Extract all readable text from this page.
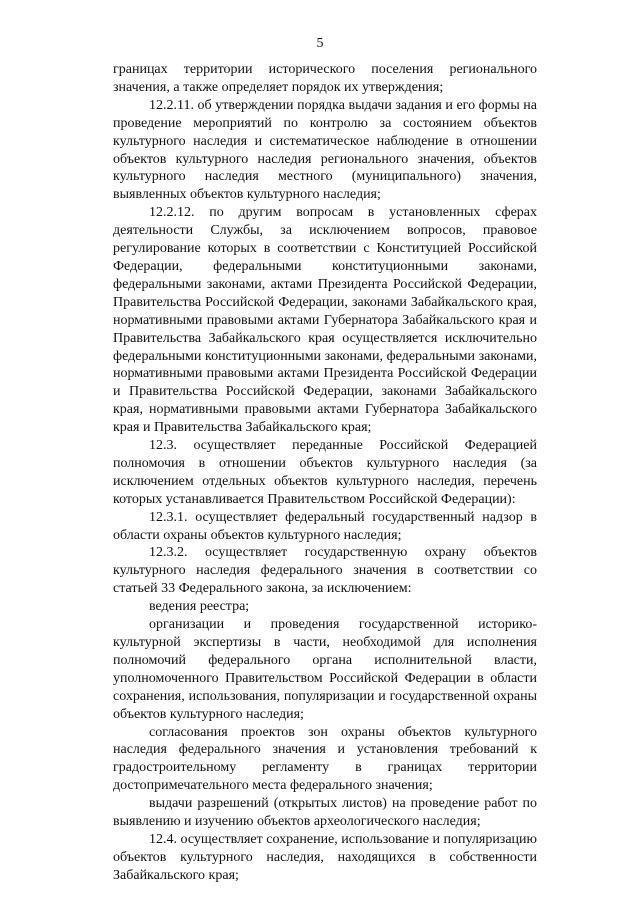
5

границах территории исторического поселения регионального значения, а также определяет порядок их утверждения;

12.2.11. об утверждении порядка выдачи задания и его формы на проведение мероприятий по контролю за состоянием объектов культурного наследия и систематическое наблюдение в отношении объектов культурного наследия регионального значения, объектов культурного наследия местного (муниципального) значения, выявленных объектов культурного наследия;

12.2.12. по другим вопросам в установленных сферах деятельности Службы, за исключением вопросов, правовое регулирование которых в соответствии с Конституцией Российской Федерации, федеральными конституционными законами, федеральными законами, актами Президента Российской Федерации, Правительства Российской Федерации, законами Забайкальского края, нормативными правовыми актами Губернатора Забайкальского края и Правительства Забайкальского края осуществляется исключительно федеральными конституционными законами, федеральными законами, нормативными правовыми актами Президента Российской Федерации и Правительства Российской Федерации, законами Забайкальского края, нормативными правовыми актами Губернатора Забайкальского края и Правительства Забайкальского края;

12.3. осуществляет переданные Российской Федерацией полномочия в отношении объектов культурного наследия (за исключением отдельных объектов культурного наследия, перечень которых устанавливается Правительством Российской Федерации):

12.3.1. осуществляет федеральный государственный надзор в области охраны объектов культурного наследия;

12.3.2. осуществляет государственную охрану объектов культурного наследия федерального значения в соответствии со статьей 33 Федерального закона, за исключением:

ведения реестра;

организации и проведения государственной историко-культурной экспертизы в части, необходимой для исполнения полномочий федерального органа исполнительной власти, уполномоченного Правительством Российской Федерации в области сохранения, использования, популяризации и государственной охраны объектов культурного наследия;

согласования проектов зон охраны объектов культурного наследия федерального значения и установления требований к градостроительному регламенту в границах территории достопримечательного места федерального значения;

выдачи разрешений (открытых листов) на проведение работ по выявлению и изучению объектов археологического наследия;

12.4. осуществляет сохранение, использование и популяризацию объектов культурного наследия, находящихся в собственности Забайкальского края;
